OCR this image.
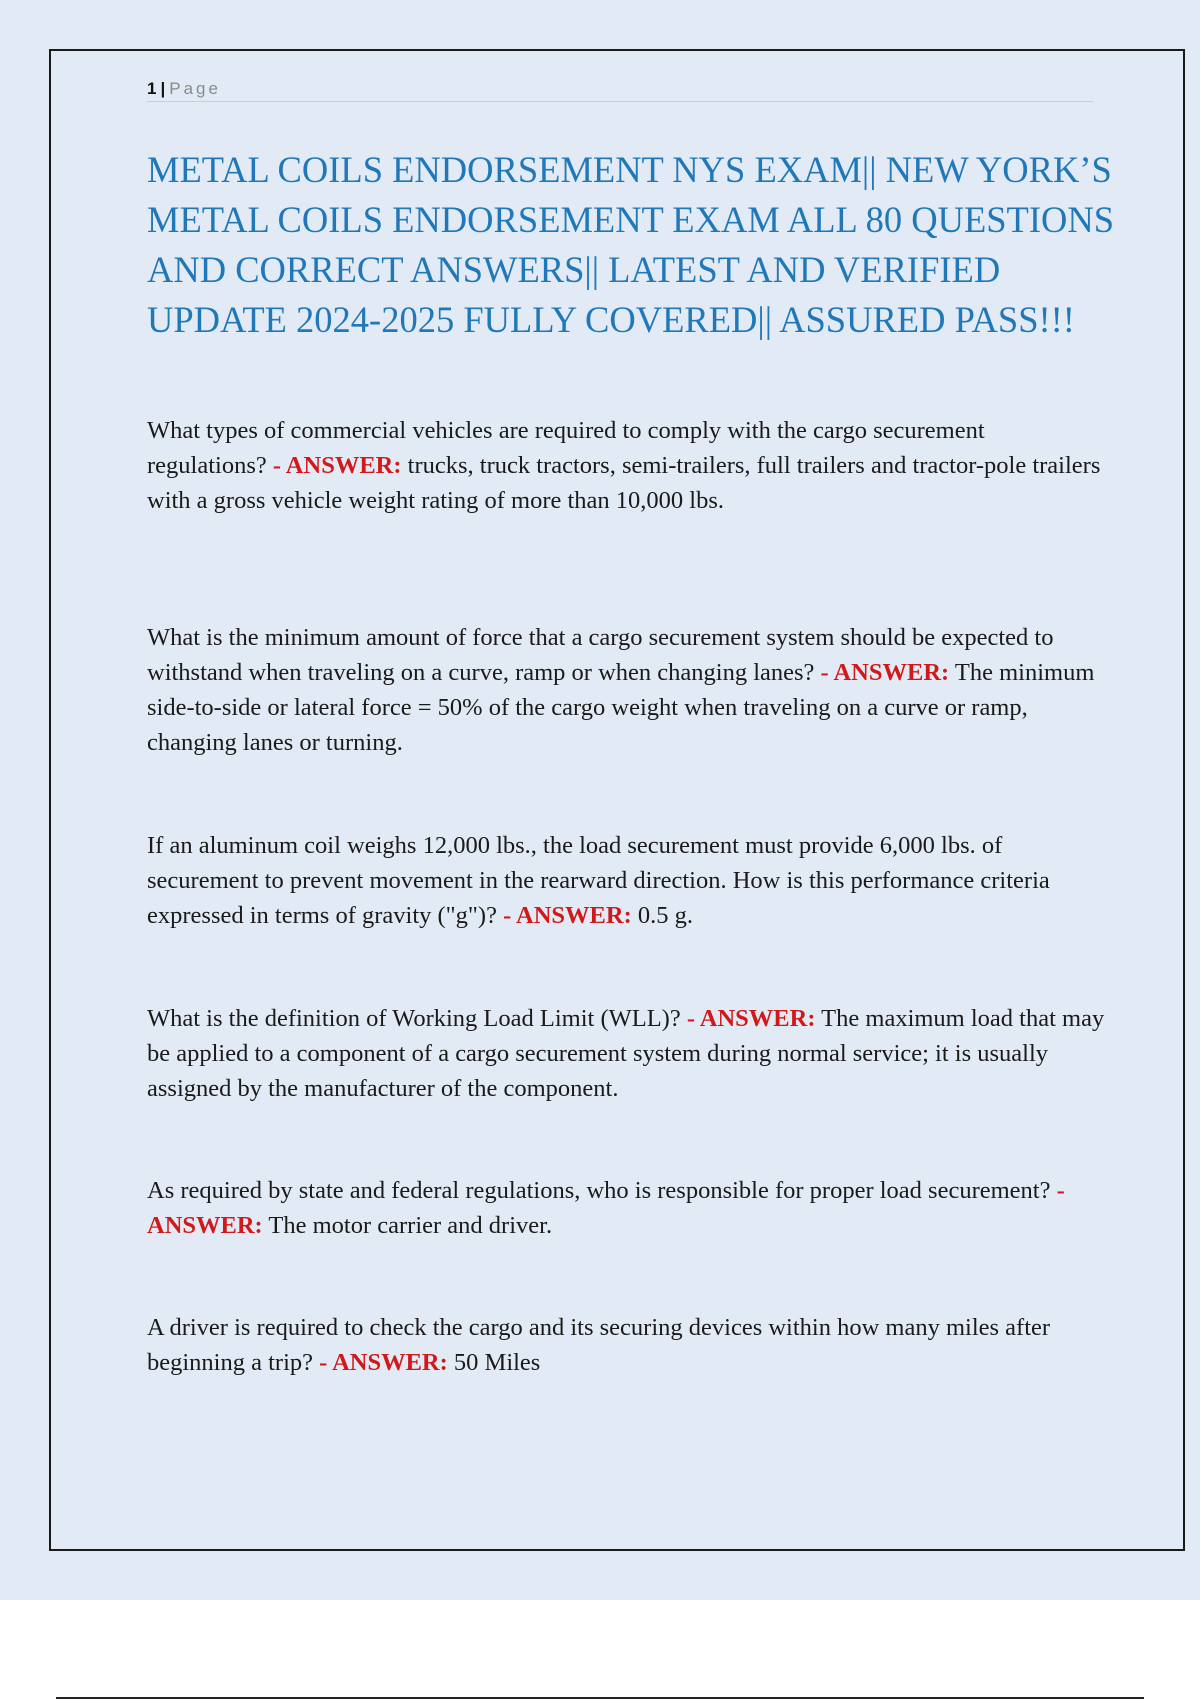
1 | Page
METAL COILS ENDORSEMENT NYS EXAM|| NEW YORK’S METAL COILS ENDORSEMENT EXAM ALL 80 QUESTIONS AND CORRECT ANSWERS|| LATEST AND VERIFIED UPDATE 2024-2025 FULLY COVERED|| ASSURED PASS!!!

What types of commercial vehicles are required to comply with the cargo securement regulations? - ANSWER: trucks, truck tractors, semi-trailers, full trailers and tractor-pole trailers with a gross vehicle weight rating of more than 10,000 lbs.

What is the minimum amount of force that a cargo securement system should be expected to withstand when traveling on a curve, ramp or when changing lanes? - ANSWER: The minimum side-to-side or lateral force = 50% of the cargo weight when traveling on a curve or ramp, changing lanes or turning.

If an aluminum coil weighs 12,000 lbs., the load securement must provide 6,000 lbs. of securement to prevent movement in the rearward direction. How is this performance criteria expressed in terms of gravity ("g")? - ANSWER: 0.5 g.

What is the definition of Working Load Limit (WLL)? - ANSWER: The maximum load that may be applied to a component of a cargo securement system during normal service; it is usually assigned by the manufacturer of the component.

As required by state and federal regulations, who is responsible for proper load securement? - ANSWER: The motor carrier and driver.

A driver is required to check the cargo and its securing devices within how many miles after beginning a trip? - ANSWER: 50 Miles
